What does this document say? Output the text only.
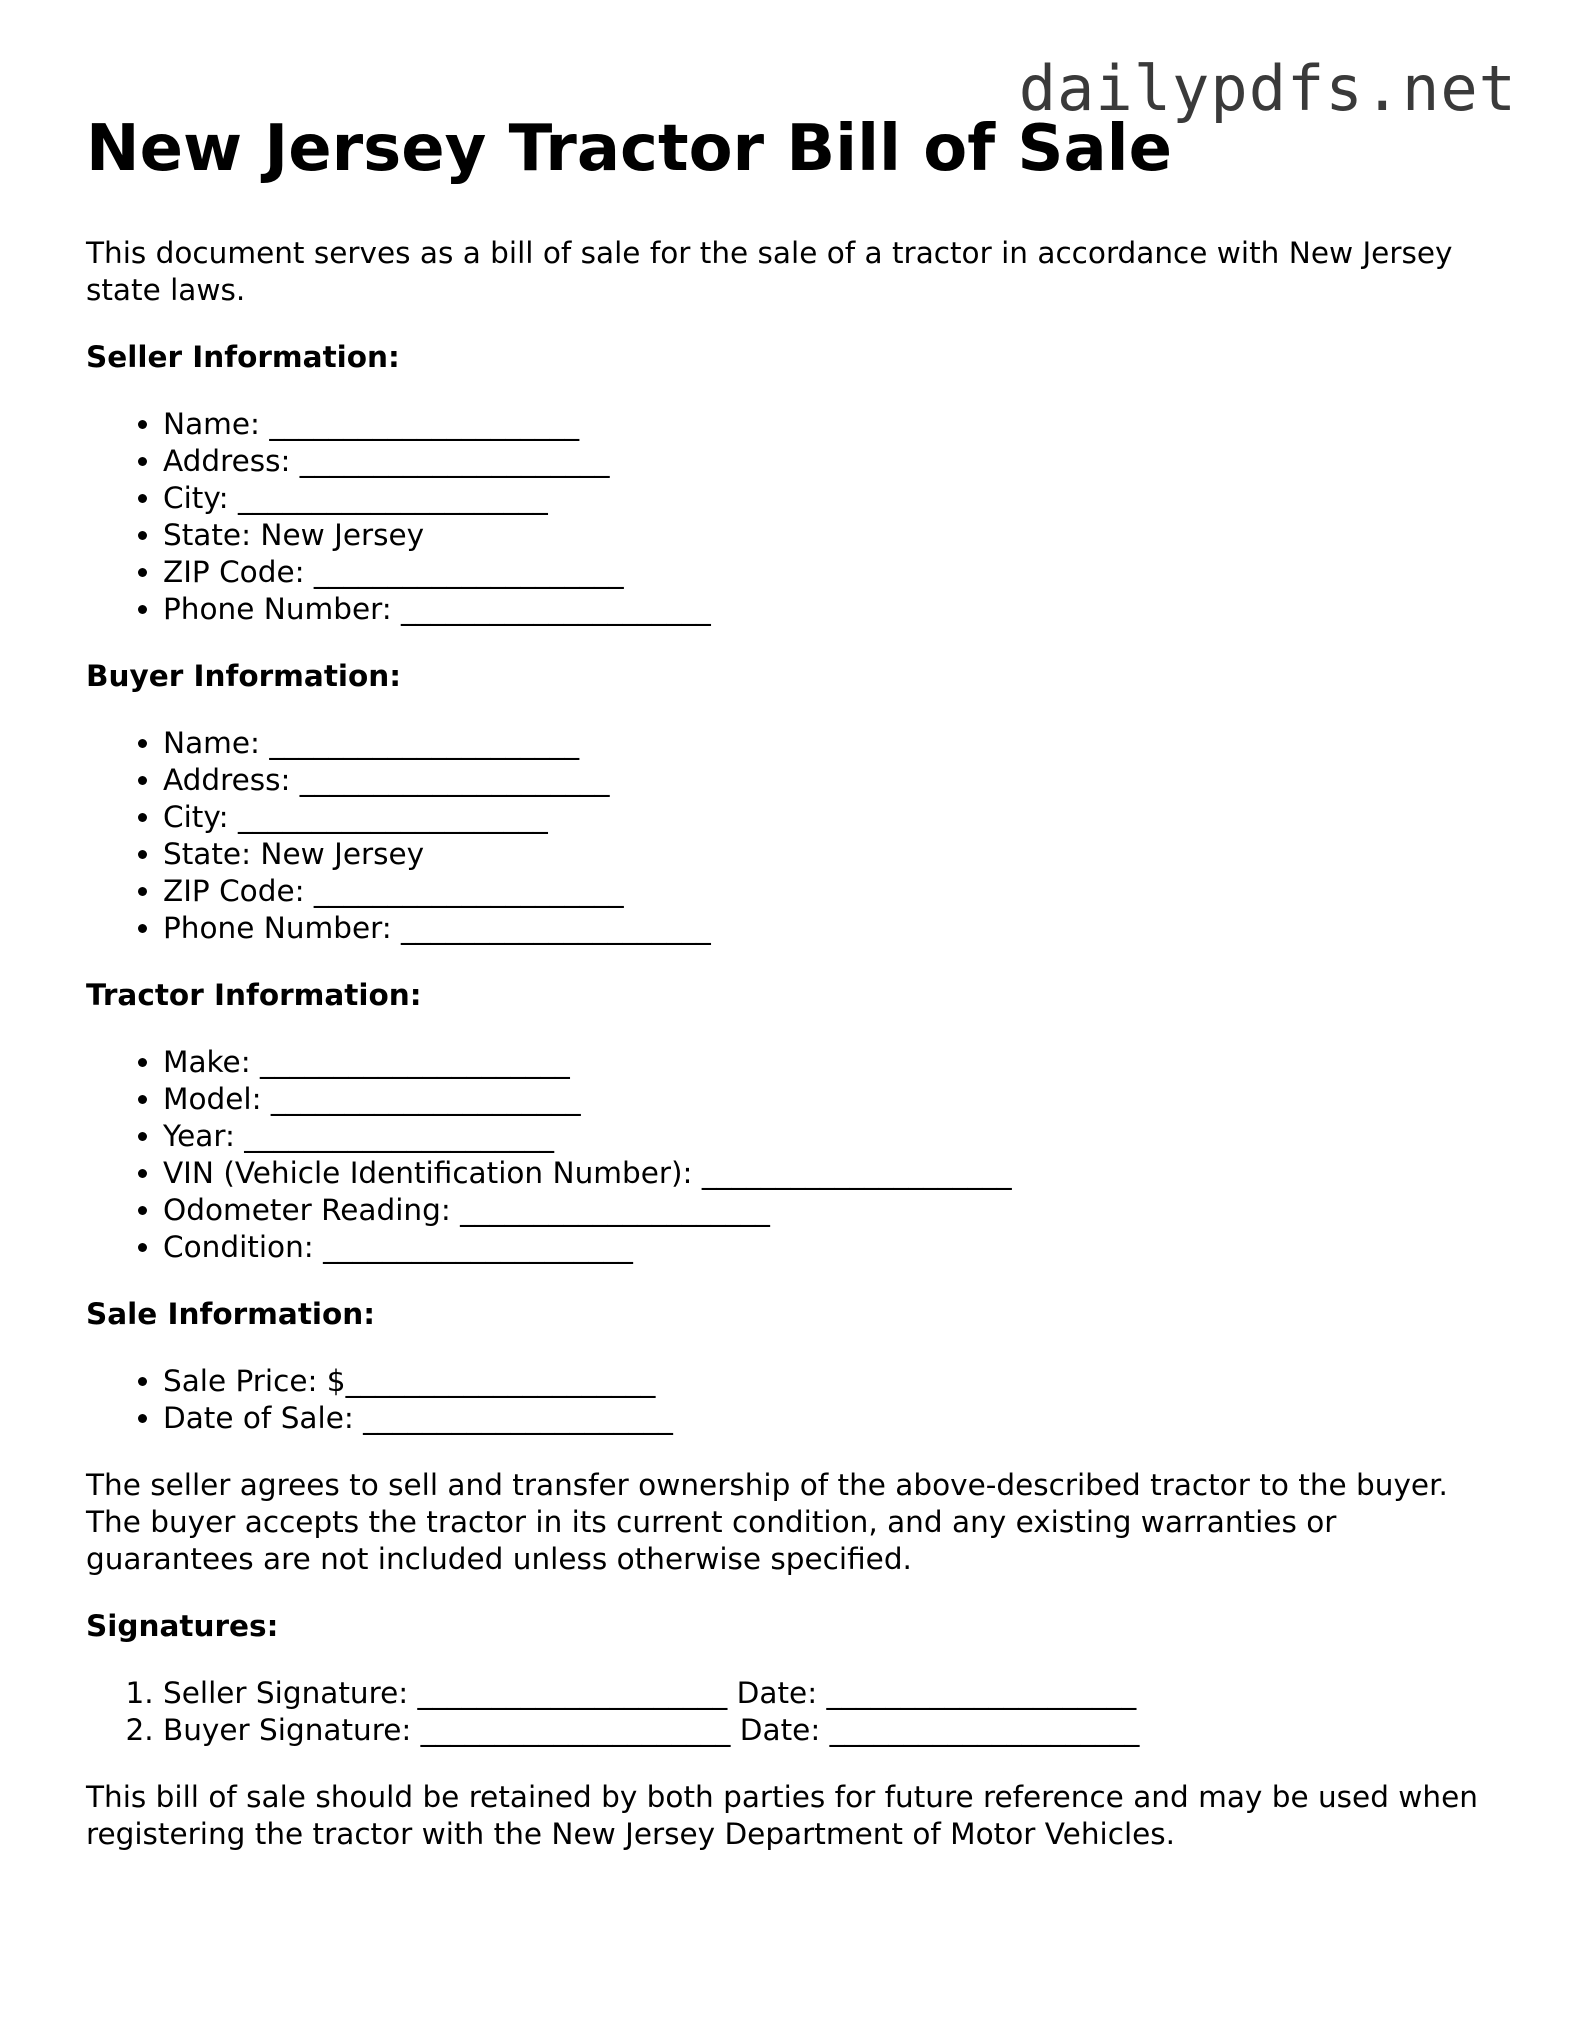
dailypdfs.net
New Jersey Tractor Bill of Sale

This document serves as a bill of sale for the sale of a tractor in accordance with New Jersey state laws.

Seller Information:
• Name: _____________________
• Address: _____________________
• City: _____________________
• State: New Jersey
• ZIP Code: _____________________
• Phone Number: _____________________
Buyer Information:
• Name: _____________________
• Address: _____________________
• City: _____________________
• State: New Jersey
• ZIP Code: _____________________
• Phone Number: _____________________
Tractor Information:
• Make: _____________________
• Model: _____________________
• Year: _____________________
• VIN (Vehicle Identification Number): _____________________
• Odometer Reading: _____________________
• Condition: _____________________
Sale Information:
• Sale Price: $_____________________
• Date of Sale: _____________________

The seller agrees to sell and transfer ownership of the above-described tractor to the buyer. The buyer accepts the tractor in its current condition, and any existing warranties or guarantees are not included unless otherwise specified.

Signatures:
1. Seller Signature: _____________________ Date: _____________________
2. Buyer Signature: _____________________ Date: _____________________

This bill of sale should be retained by both parties for future reference and may be used when registering the tractor with the New Jersey Department of Motor Vehicles.
